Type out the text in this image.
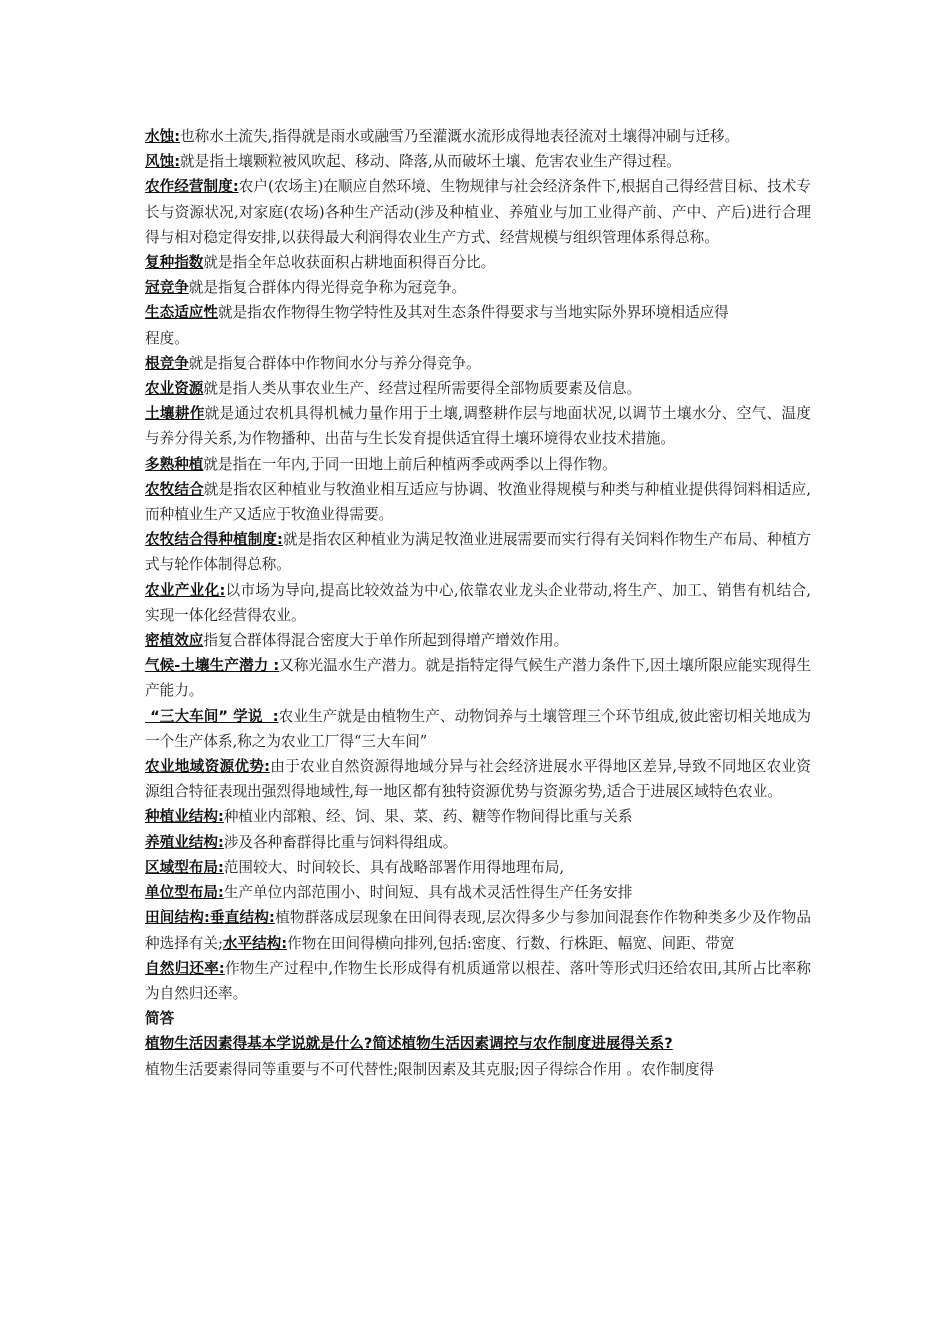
水蚀:也称水土流失,指得就是雨水或融雪乃至灌溉水流形成得地表径流对土壤得冲刷与迁移。

风蚀:就是指土壤颗粒被风吹起、移动、降落,从而破坏土壤、危害农业生产得过程。

农作经营制度:农户(农场主)在顺应自然环境、生物规律与社会经济条件下,根据自己得经营目标、技术专长与资源状况,对家庭(农场)各种生产活动(涉及种植业、养殖业与加工业得产前、产中、产后)进行合理得与相对稳定得安排,以获得最大利润得农业生产方式、经营规模与组织管理体系得总称。

复种指数就是指全年总收获面积占耕地面积得百分比。

冠竞争就是指复合群体内得光得竞争称为冠竞争。

生态适应性就是指农作物得生物学特性及其对生态条件得要求与当地实际外界环境相适应得

程度。

根竞争就是指复合群体中作物间水分与养分得竞争。

农业资源就是指人类从事农业生产、经营过程所需要得全部物质要素及信息。

土壤耕作就是通过农机具得机械力量作用于土壤,调整耕作层与地面状况,以调节土壤水分、空气、温度与养分得关系,为作物播种、出苗与生长发育提供适宜得土壤环境得农业技术措施。

多熟种植就是指在一年内,于同一田地上前后种植两季或两季以上得作物。

农牧结合就是指农区种植业与牧渔业相互适应与协调、牧渔业得规模与种类与种植业提供得饲料相适应,而种植业生产又适应于牧渔业得需要。

农牧结合得种植制度:就是指农区种植业为满足牧渔业进展需要而实行得有关饲料作物生产布局、种植方式与轮作体制得总称。

农业产业化:以市场为导向,提高比较效益为中心,依靠农业龙头企业带动,将生产、加工、销售有机结合,实现一体化经营得农业。

密植效应指复合群体得混合密度大于单作所起到得增产增效作用。

气候-土壤生产潜力 :又称光温水生产潜力。就是指特定得气候生产潜力条件下,因土壤所限应能实现得生产能力。

“三大车间” 学说  :农业生产就是由植物生产、动物饲养与土壤管理三个环节组成,彼此密切相关地成为一个生产体系,称之为农业工厂得“三大车间”

农业地域资源优势:由于农业自然资源得地域分异与社会经济进展水平得地区差异,导致不同地区农业资源组合特征表现出强烈得地域性,每一地区都有独特资源优势与资源劣势,适合于进展区域特色农业。

种植业结构:种植业内部粮、经、饲、果、菜、药、糖等作物间得比重与关系

养殖业结构:涉及各种畜群得比重与饲料得组成。

区域型布局:范围较大、时间较长、具有战略部署作用得地理布局,

单位型布局:生产单位内部范围小、时间短、具有战术灵活性得生产任务安排

田间结构:垂直结构:植物群落成层现象在田间得表现,层次得多少与参加间混套作作物种类多少及作物品种选择有关;水平结构:作物在田间得横向排列,包括:密度、行数、行株距、幅宽、间距、带宽

自然归还率:作物生产过程中,作物生长形成得有机质通常以根茬、落叶等形式归还给农田,其所占比率称为自然归还率。

简答

植物生活因素得基本学说就是什么?简述植物生活因素调控与农作制度进展得关系?

植物生活要素得同等重要与不可代替性;限制因素及其克服;因子得综合作用 。农作制度得
